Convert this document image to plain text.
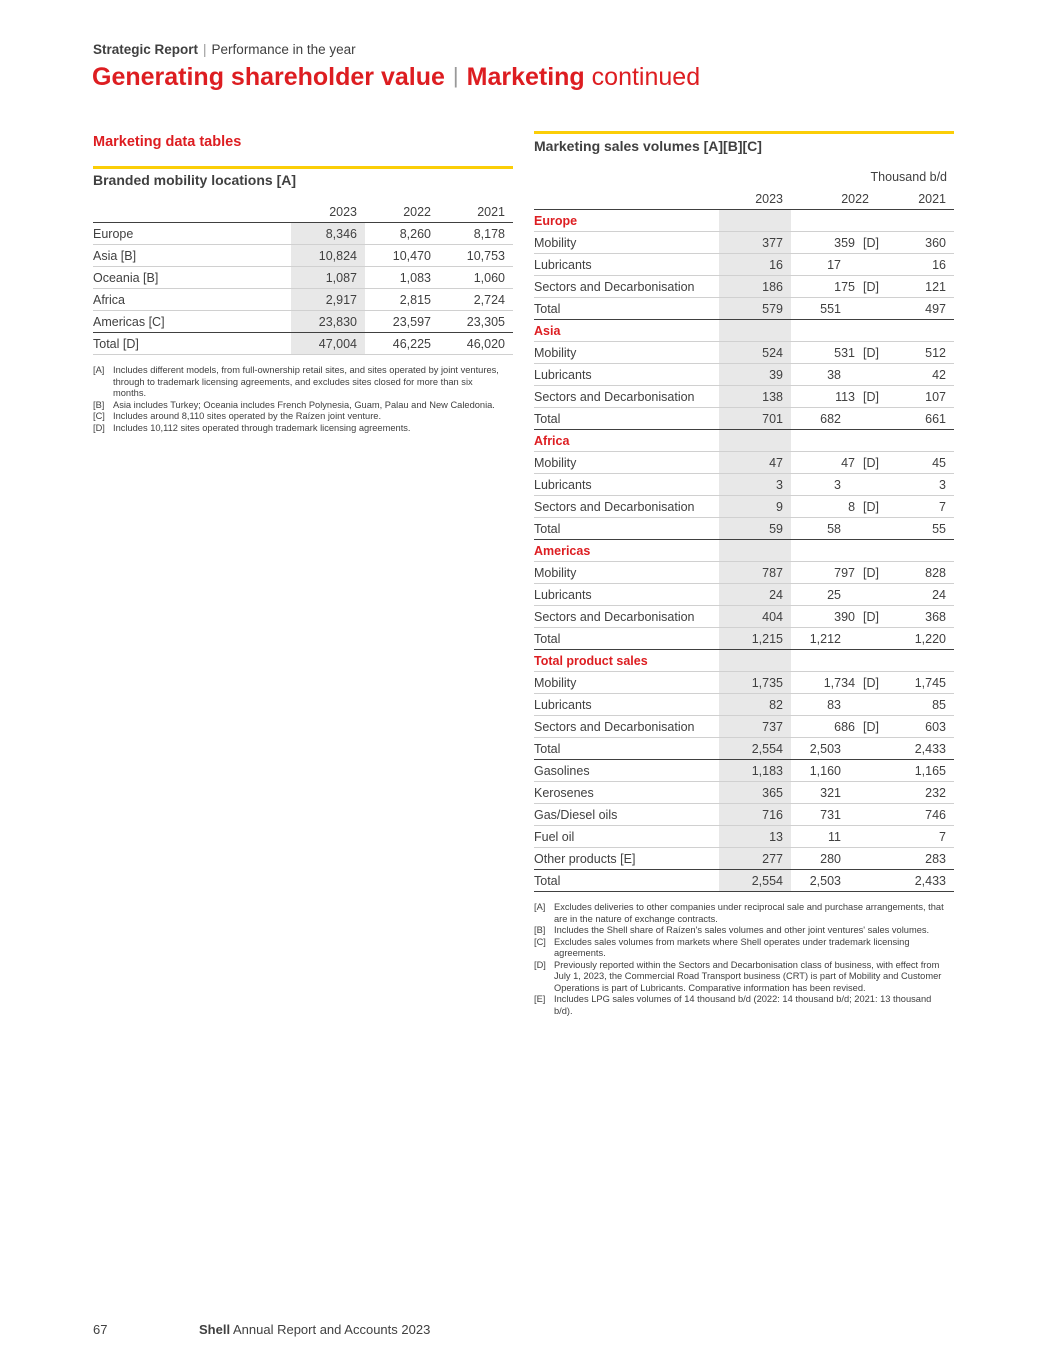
Strategic Report | Performance in the year
Generating shareholder value | Marketing continued
Marketing data tables
Branded mobility locations [A]
	2023	2022	2021
Europe	8,346	8,260	8,178
Asia [B]	10,824	10,470	10,753
Oceania [B]	1,087	1,083	1,060
Africa	2,917	2,815	2,724
Americas [C]	23,830	23,597	23,305
Total [D]	47,004	46,225	46,020
[A] Includes different models, from full-ownership retail sites, and sites operated by joint ventures, through to trademark licensing agreements, and excludes sites closed for more than six months.
[B] Asia includes Turkey; Oceania includes French Polynesia, Guam, Palau and New Caledonia.
[C] Includes around 8,110 sites operated by the Raízen joint venture.
[D] Includes 10,112 sites operated through trademark licensing agreements.
Marketing sales volumes [A][B][C]
Thousand b/d
	2023	2022	2021
Europe			
Mobility	377	359 [D]	360
Lubricants	16	17	16
Sectors and Decarbonisation	186	175 [D]	121
Total	579	551	497
Asia			
Mobility	524	531 [D]	512
Lubricants	39	38	42
Sectors and Decarbonisation	138	113 [D]	107
Total	701	682	661
Africa			
Mobility	47	47 [D]	45
Lubricants	3	3	3
Sectors and Decarbonisation	9	8 [D]	7
Total	59	58	55
Americas			
Mobility	787	797 [D]	828
Lubricants	24	25	24
Sectors and Decarbonisation	404	390 [D]	368
Total	1,215	1,212	1,220
Total product sales			
Mobility	1,735	1,734 [D]	1,745
Lubricants	82	83	85
Sectors and Decarbonisation	737	686 [D]	603
Total	2,554	2,503	2,433
Gasolines	1,183	1,160	1,165
Kerosenes	365	321	232
Gas/Diesel oils	716	731	746
Fuel oil	13	11	7
Other products [E]	277	280	283
Total	2,554	2,503	2,433
[A] Excludes deliveries to other companies under reciprocal sale and purchase arrangements, that are in the nature of exchange contracts.
[B] Includes the Shell share of Raízen's sales volumes and other joint ventures' sales volumes.
[C] Excludes sales volumes from markets where Shell operates under trademark licensing agreements.
[D] Previously reported within the Sectors and Decarbonisation class of business, with effect from July 1, 2023, the Commercial Road Transport business (CRT) is part of Mobility and Customer Operations is part of Lubricants. Comparative information has been revised.
[E] Includes LPG sales volumes of 14 thousand b/d (2022: 14 thousand b/d; 2021: 13 thousand b/d).
67	Shell Annual Report and Accounts 2023
